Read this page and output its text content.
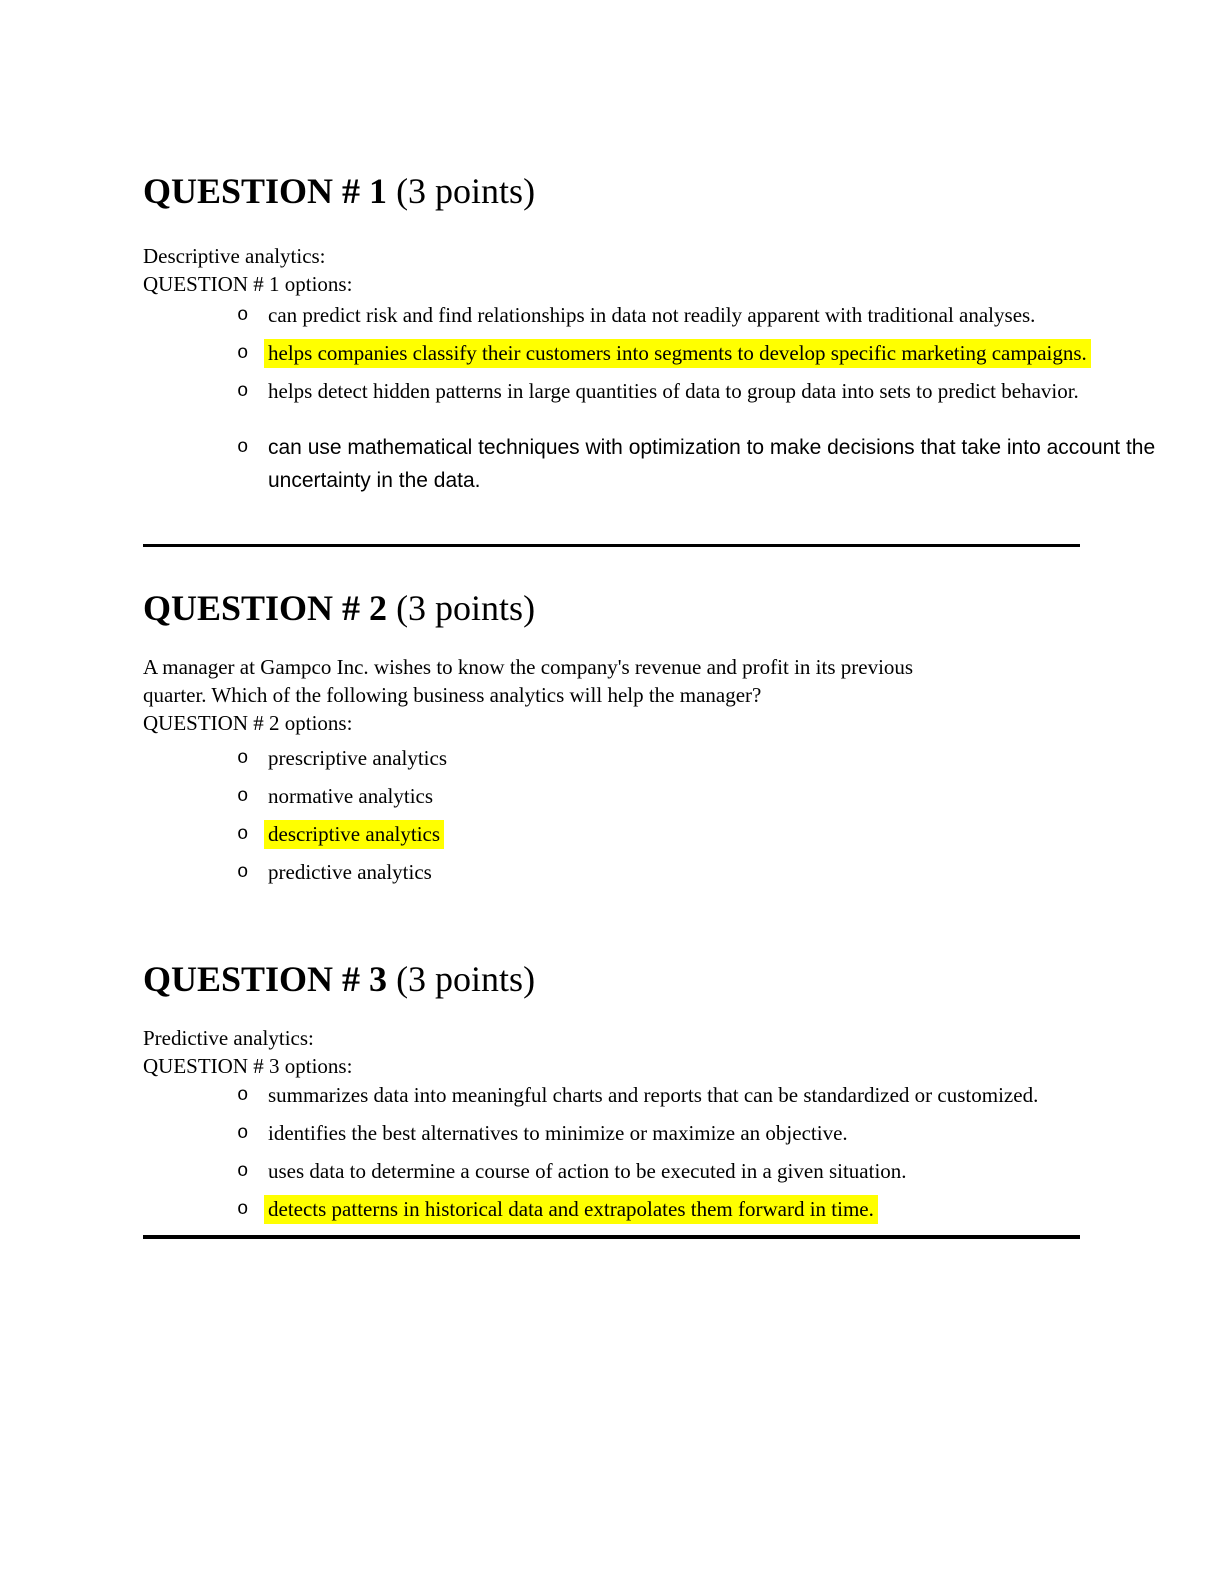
QUESTION # 1 (3 points)
Descriptive analytics:
QUESTION # 1 options:
o can predict risk and find relationships in data not readily apparent with traditional analyses.
o helps companies classify their customers into segments to develop specific marketing campaigns.
o helps detect hidden patterns in large quantities of data to group data into sets to predict behavior.
o can use mathematical techniques with optimization to make decisions that take into account the uncertainty in the data.
QUESTION # 2 (3 points)
A manager at Gampco Inc. wishes to know the company's revenue and profit in its previous
quarter. Which of the following business analytics will help the manager?
QUESTION # 2 options:
o prescriptive analytics
o normative analytics
o descriptive analytics
o predictive analytics
QUESTION # 3 (3 points)
Predictive analytics:
QUESTION # 3 options:
o summarizes data into meaningful charts and reports that can be standardized or customized.
o identifies the best alternatives to minimize or maximize an objective.
o uses data to determine a course of action to be executed in a given situation.
o detects patterns in historical data and extrapolates them forward in time.
